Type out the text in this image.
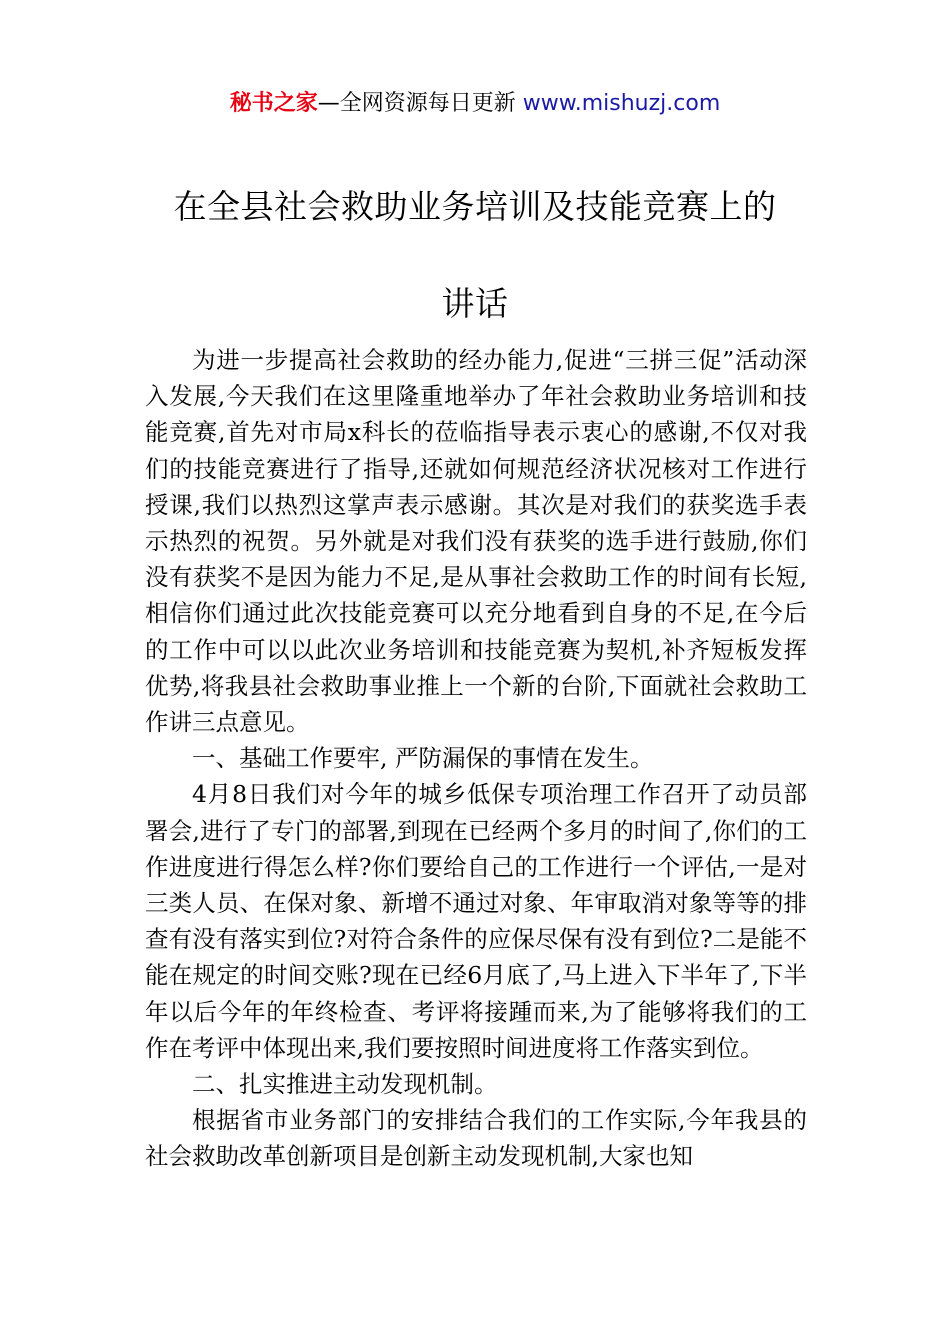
秘书之家—全网资源每日更新 www.mishuzj.com
在全县社会救助业务培训及技能竞赛上的
讲话

为进一步提高社会救助的经办能力,促进“三拼三促”活动深入发展,今天我们在这里隆重地举办了年社会救助业务培训和技能竞赛,首先对市局x科长的莅临指导表示衷心的感谢,不仅对我们的技能竞赛进行了指导,还就如何规范经济状况核对工作进行授课,我们以热烈这掌声表示感谢。其次是对我们的获奖选手表示热烈的祝贺。另外就是对我们没有获奖的选手进行鼓励,你们没有获奖不是因为能力不足,是从事社会救助工作的时间有长短,相信你们通过此次技能竞赛可以充分地看到自身的不足,在今后的工作中可以以此次业务培训和技能竞赛为契机,补齐短板发挥优势,将我县社会救助事业推上一个新的台阶,下面就社会救助工作讲三点意见。

一、基础工作要牢, 严防漏保的事情在发生。

4月8日我们对今年的城乡低保专项治理工作召开了动员部署会,进行了专门的部署,到现在已经两个多月的时间了,你们的工作进度进行得怎么样?你们要给自己的工作进行一个评估,一是对三类人员、在保对象、新增不通过对象、年审取消对象等等的排查有没有落实到位?对符合条件的应保尽保有没有到位?二是能不能在规定的时间交账?现在已经6月底了,马上进入下半年了,下半年以后今年的年终检查、考评将接踵而来,为了能够将我们的工作在考评中体现出来,我们要按照时间进度将工作落实到位。

二、扎实推进主动发现机制。

根据省市业务部门的安排结合我们的工作实际,今年我县的社会救助改革创新项目是创新主动发现机制,大家也知
